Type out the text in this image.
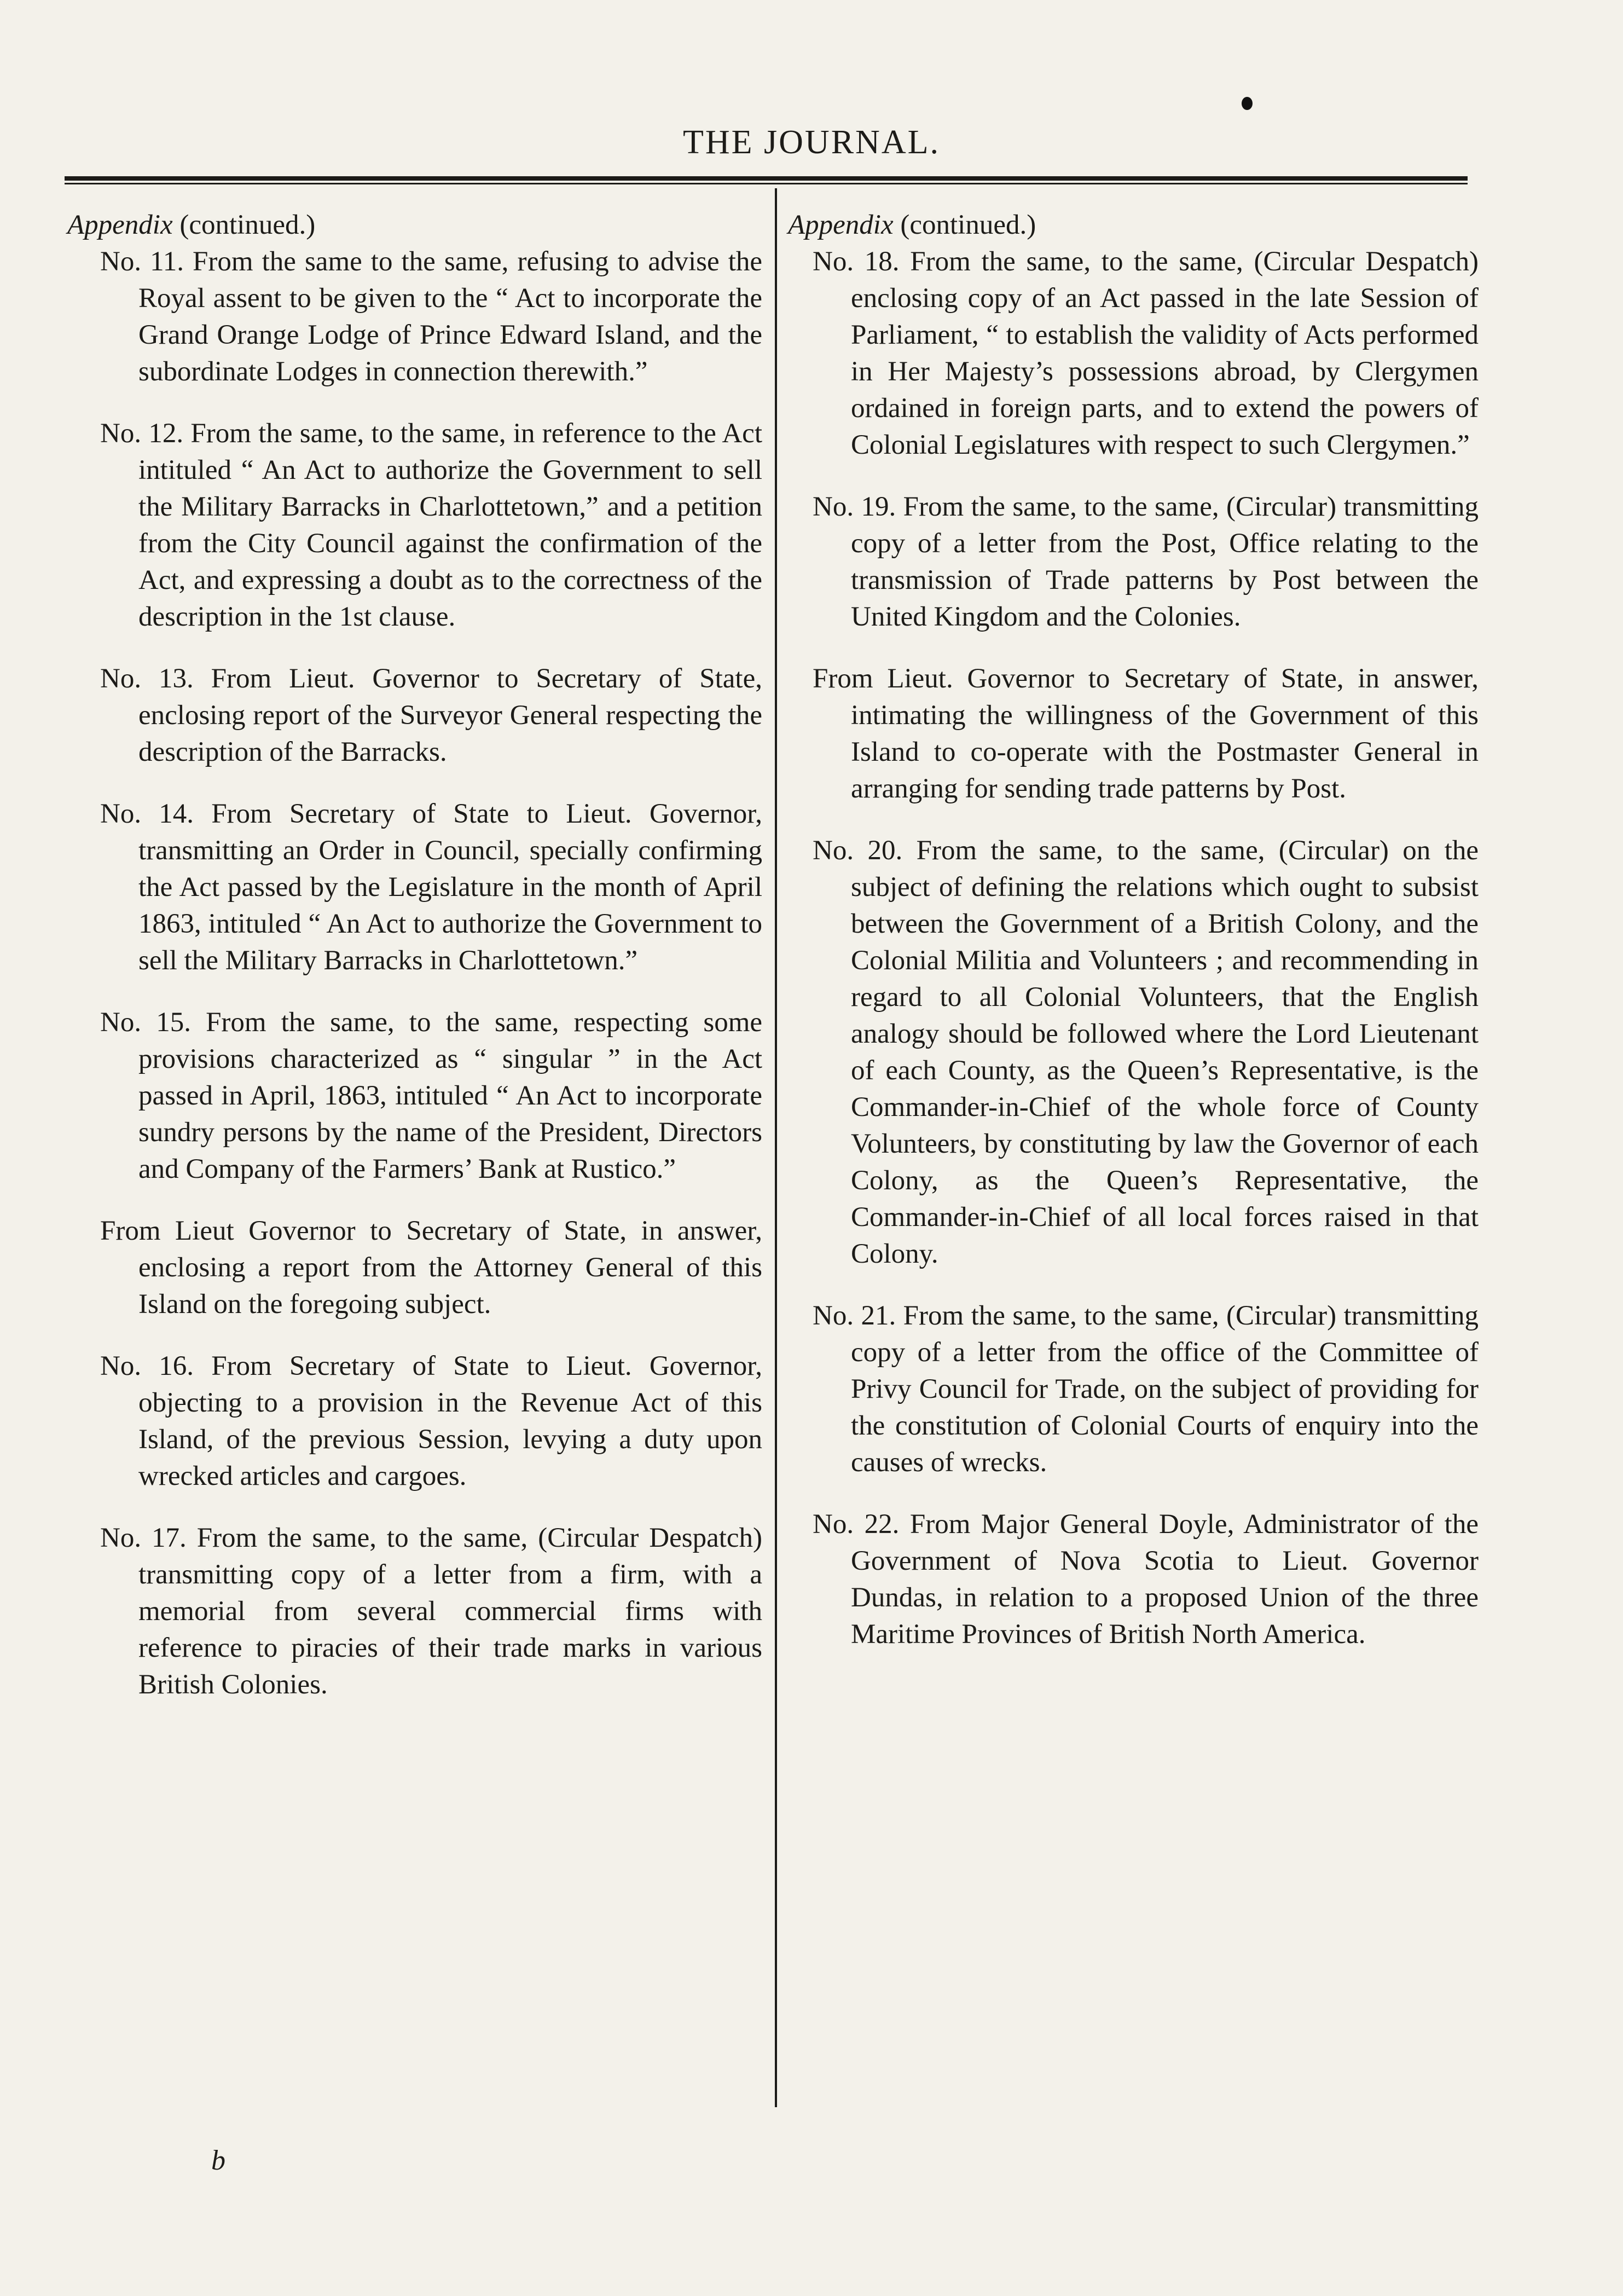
THE JOURNAL.

Appendix (continued.)

No. 11. From the same to the same, refusing to advise the Royal assent to be given to the “ Act to incorporate the Grand Orange Lodge of Prince Edward Island, and the subordinate Lodges in connection therewith.”

No. 12. From the same, to the same, in reference to the Act intituled “ An Act to authorize the Government to sell the Military Barracks in Charlottetown,” and a petition from the City Council against the confirmation of the Act, and expressing a doubt as to the correctness of the description in the 1st clause.

No. 13. From Lieut. Governor to Secretary of State, enclosing report of the Surveyor General respecting the description of the Barracks.

No. 14. From Secretary of State to Lieut. Governor, transmitting an Order in Council, specially confirming the Act passed by the Legislature in the month of April 1863, intituled “ An Act to authorize the Government to sell the Military Barracks in Charlottetown.”

No. 15. From the same, to the same, respecting some provisions characterized as “ singular ” in the Act passed in April, 1863, intituled “ An Act to incorporate sundry persons by the name of the President, Directors and Company of the Farmers’ Bank at Rustico.”

From Lieut Governor to Secretary of State, in answer, enclosing a report from the Attorney General of this Island on the foregoing subject.

No. 16. From Secretary of State to Lieut. Governor, objecting to a provision in the Revenue Act of this Island, of the previous Session, levying a duty upon wrecked articles and cargoes.

No. 17. From the same, to the same, (Circular Despatch) transmitting copy of a letter from a firm, with a memorial from several commercial firms with reference to piracies of their trade marks in various British Colonies.

Appendix (continued.)

No. 18. From the same, to the same, (Circular Despatch) enclosing copy of an Act passed in the late Session of Parliament, “ to establish the validity of Acts performed in Her Majesty’s possessions abroad, by Clergymen ordained in foreign parts, and to extend the powers of Colonial Legislatures with respect to such Clergymen.”

No. 19. From the same, to the same, (Circular) transmitting copy of a letter from the Post, Office relating to the transmission of Trade patterns by Post between the United Kingdom and the Colonies.

From Lieut. Governor to Secretary of State, in answer, intimating the willingness of the Government of this Island to co-operate with the Postmaster General in arranging for sending trade patterns by Post.

No. 20. From the same, to the same, (Circular) on the subject of defining the relations which ought to subsist between the Government of a British Colony, and the Colonial Militia and Volunteers ; and recommending in regard to all Colonial Volunteers, that the English analogy should be followed where the Lord Lieutenant of each County, as the Queen’s Representative, is the Commander-in-Chief of the whole force of County Volunteers, by constituting by law the Governor of each Colony, as the Queen’s Representative, the Commander-in-Chief of all local forces raised in that Colony.

No. 21. From the same, to the same, (Circular) transmitting copy of a letter from the office of the Committee of Privy Council for Trade, on the subject of providing for the constitution of Colonial Courts of enquiry into the causes of wrecks.

No. 22. From Major General Doyle, Administrator of the Government of Nova Scotia to Lieut. Governor Dundas, in relation to a proposed Union of the three Maritime Provinces of British North America.

b
